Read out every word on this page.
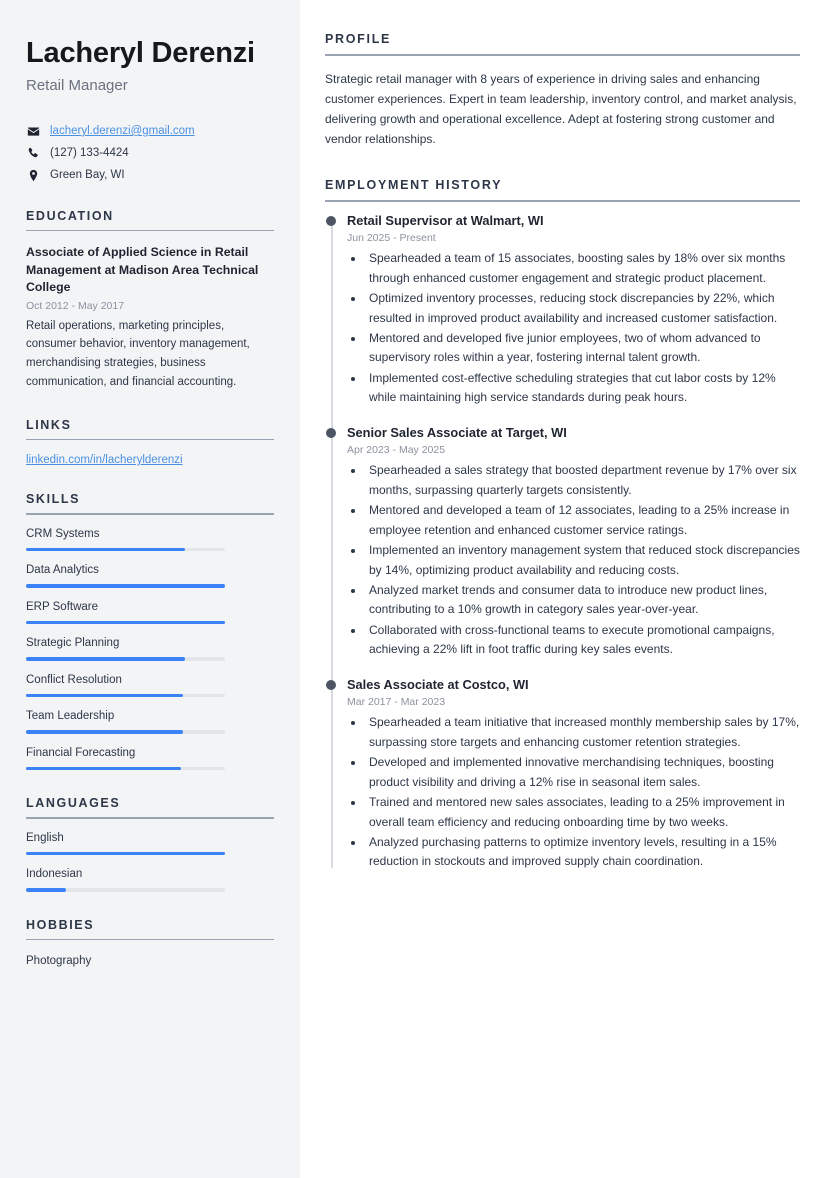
Lacheryl Derenzi
Retail Manager
lacheryl.derenzi@gmail.com
(127) 133-4424
Green Bay, WI
EDUCATION
Associate of Applied Science in Retail Management at Madison Area Technical College
Oct 2012 - May 2017
Retail operations, marketing principles, consumer behavior, inventory management, merchandising strategies, business communication, and financial accounting.
LINKS
linkedin.com/in/lacherylderenzi
SKILLS
CRM Systems
Data Analytics
ERP Software
Strategic Planning
Conflict Resolution
Team Leadership
Financial Forecasting
LANGUAGES
English
Indonesian
HOBBIES
Photography
PROFILE

Strategic retail manager with 8 years of experience in driving sales and enhancing customer experiences. Expert in team leadership, inventory control, and market analysis, delivering growth and operational excellence. Adept at fostering strong customer and vendor relationships.

EMPLOYMENT HISTORY
Retail Supervisor at Walmart, WI
Jun 2025 - Present
• Spearheaded a team of 15 associates, boosting sales by 18% over six months through enhanced customer engagement and strategic product placement.
• Optimized inventory processes, reducing stock discrepancies by 22%, which resulted in improved product availability and increased customer satisfaction.
• Mentored and developed five junior employees, two of whom advanced to supervisory roles within a year, fostering internal talent growth.
• Implemented cost-effective scheduling strategies that cut labor costs by 12% while maintaining high service standards during peak hours.
Senior Sales Associate at Target, WI
Apr 2023 - May 2025
• Spearheaded a sales strategy that boosted department revenue by 17% over six months, surpassing quarterly targets consistently.
• Mentored and developed a team of 12 associates, leading to a 25% increase in employee retention and enhanced customer service ratings.
• Implemented an inventory management system that reduced stock discrepancies by 14%, optimizing product availability and reducing costs.
• Analyzed market trends and consumer data to introduce new product lines, contributing to a 10% growth in category sales year-over-year.
• Collaborated with cross-functional teams to execute promotional campaigns, achieving a 22% lift in foot traffic during key sales events.
Sales Associate at Costco, WI
Mar 2017 - Mar 2023
• Spearheaded a team initiative that increased monthly membership sales by 17%, surpassing store targets and enhancing customer retention strategies.
• Developed and implemented innovative merchandising techniques, boosting product visibility and driving a 12% rise in seasonal item sales.
• Trained and mentored new sales associates, leading to a 25% improvement in overall team efficiency and reducing onboarding time by two weeks.
• Analyzed purchasing patterns to optimize inventory levels, resulting in a 15% reduction in stockouts and improved supply chain coordination.
